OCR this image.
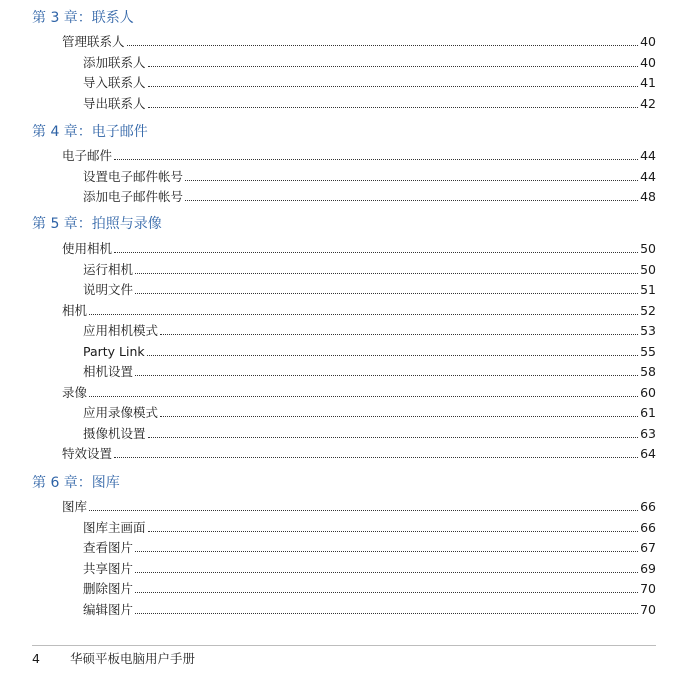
第 3 章：联系人
管理联系人	40
添加联系人	40
导入联系人	41
导出联系人	42
第 4 章：电子邮件
电子邮件	44
设置电子邮件帐号	44
添加电子邮件帐号	48
第 5 章：拍照与录像
使用相机	50
运行相机	50
说明文件	51
相机	52
应用相机模式	53
Party Link	55
相机设置	58
录像	60
应用录像模式	61
摄像机设置	63
特效设置	64
第 6 章：图库
图库	66
图库主画面	66
查看图片	67
共享图片	69
删除图片	70
编辑图片	70
4 华硕平板电脑用户手册
